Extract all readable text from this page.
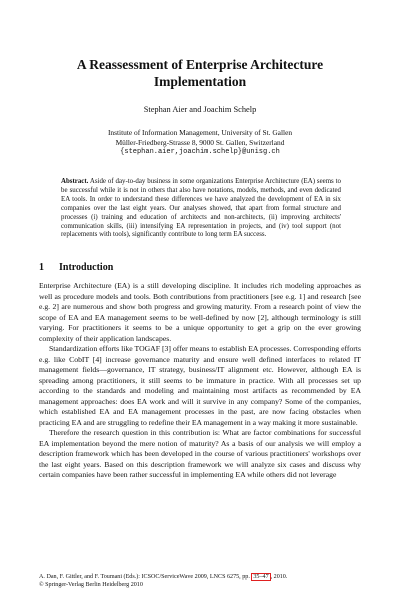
A Reassessment of Enterprise Architecture Implementation
Stephan Aier and Joachim Schelp
Institute of Information Management, University of St. Gallen
Müller-Friedberg-Strasse 8, 9000 St. Gallen, Switzerland
{stephan.aier,joachim.schelp}@unisg.ch
Abstract. Aside of day-to-day business in some organizations Enterprise Architecture (EA) seems to be successful while it is not in others that also have notations, models, methods, and even dedicated EA tools. In order to understand these differences we have analyzed the development of EA in six companies over the last eight years. Our analyses showed, that apart from formal structure and processes (i) training and education of architects and non-architects, (ii) improving architects' communication skills, (iii) intensifying EA representation in projects, and (iv) tool support (not replacements with tools), significantly contribute to long term EA success.
1 Introduction

Enterprise Architecture (EA) is a still developing discipline. It includes rich modeling approaches as well as procedure models and tools. Both contributions from practitioners [see e.g. 1] and research [see e.g. 2] are numerous and show both progress and growing maturity. From a research point of view the scope of EA and EA management seems to be well-defined by now [2], although terminology is still varying. For practitioners it seems to be a unique opportunity to get a grip on the ever growing complexity of their application landscapes.

Standardization efforts like TOGAF [3] offer means to establish EA processes. Corresponding efforts e.g. like CobIT [4] increase governance maturity and ensure well defined interfaces to related IT management fields—governance, IT strategy, business/IT alignment etc. However, although EA is spreading among practitioners, it still seems to be immature in practice. With all processes set up according to the standards and modeling and maintaining most artifacts as recommended by EA management approaches: does EA work and will it survive in any company? Some of the companies, which established EA and EA management processes in the past, are now facing obstacles when practicing EA and are struggling to redefine their EA management in a way making it more sustainable.

Therefore the research question in this contribution is: What are factor combinations for successful EA implementation beyond the mere notion of maturity? As a basis of our analysis we will employ a description framework which has been developed in the course of various practitioners' workshops over the last eight years. Based on this description framework we will analyze six cases and discuss why certain companies have been rather successful in implementing EA while others did not leverage

A. Dan, F. Gittler, and F. Toumani (Eds.): ICSOC/ServiceWave 2009, LNCS 6275, pp. 35–47 , 2010.
© Springer-Verlag Berlin Heidelberg 2010
